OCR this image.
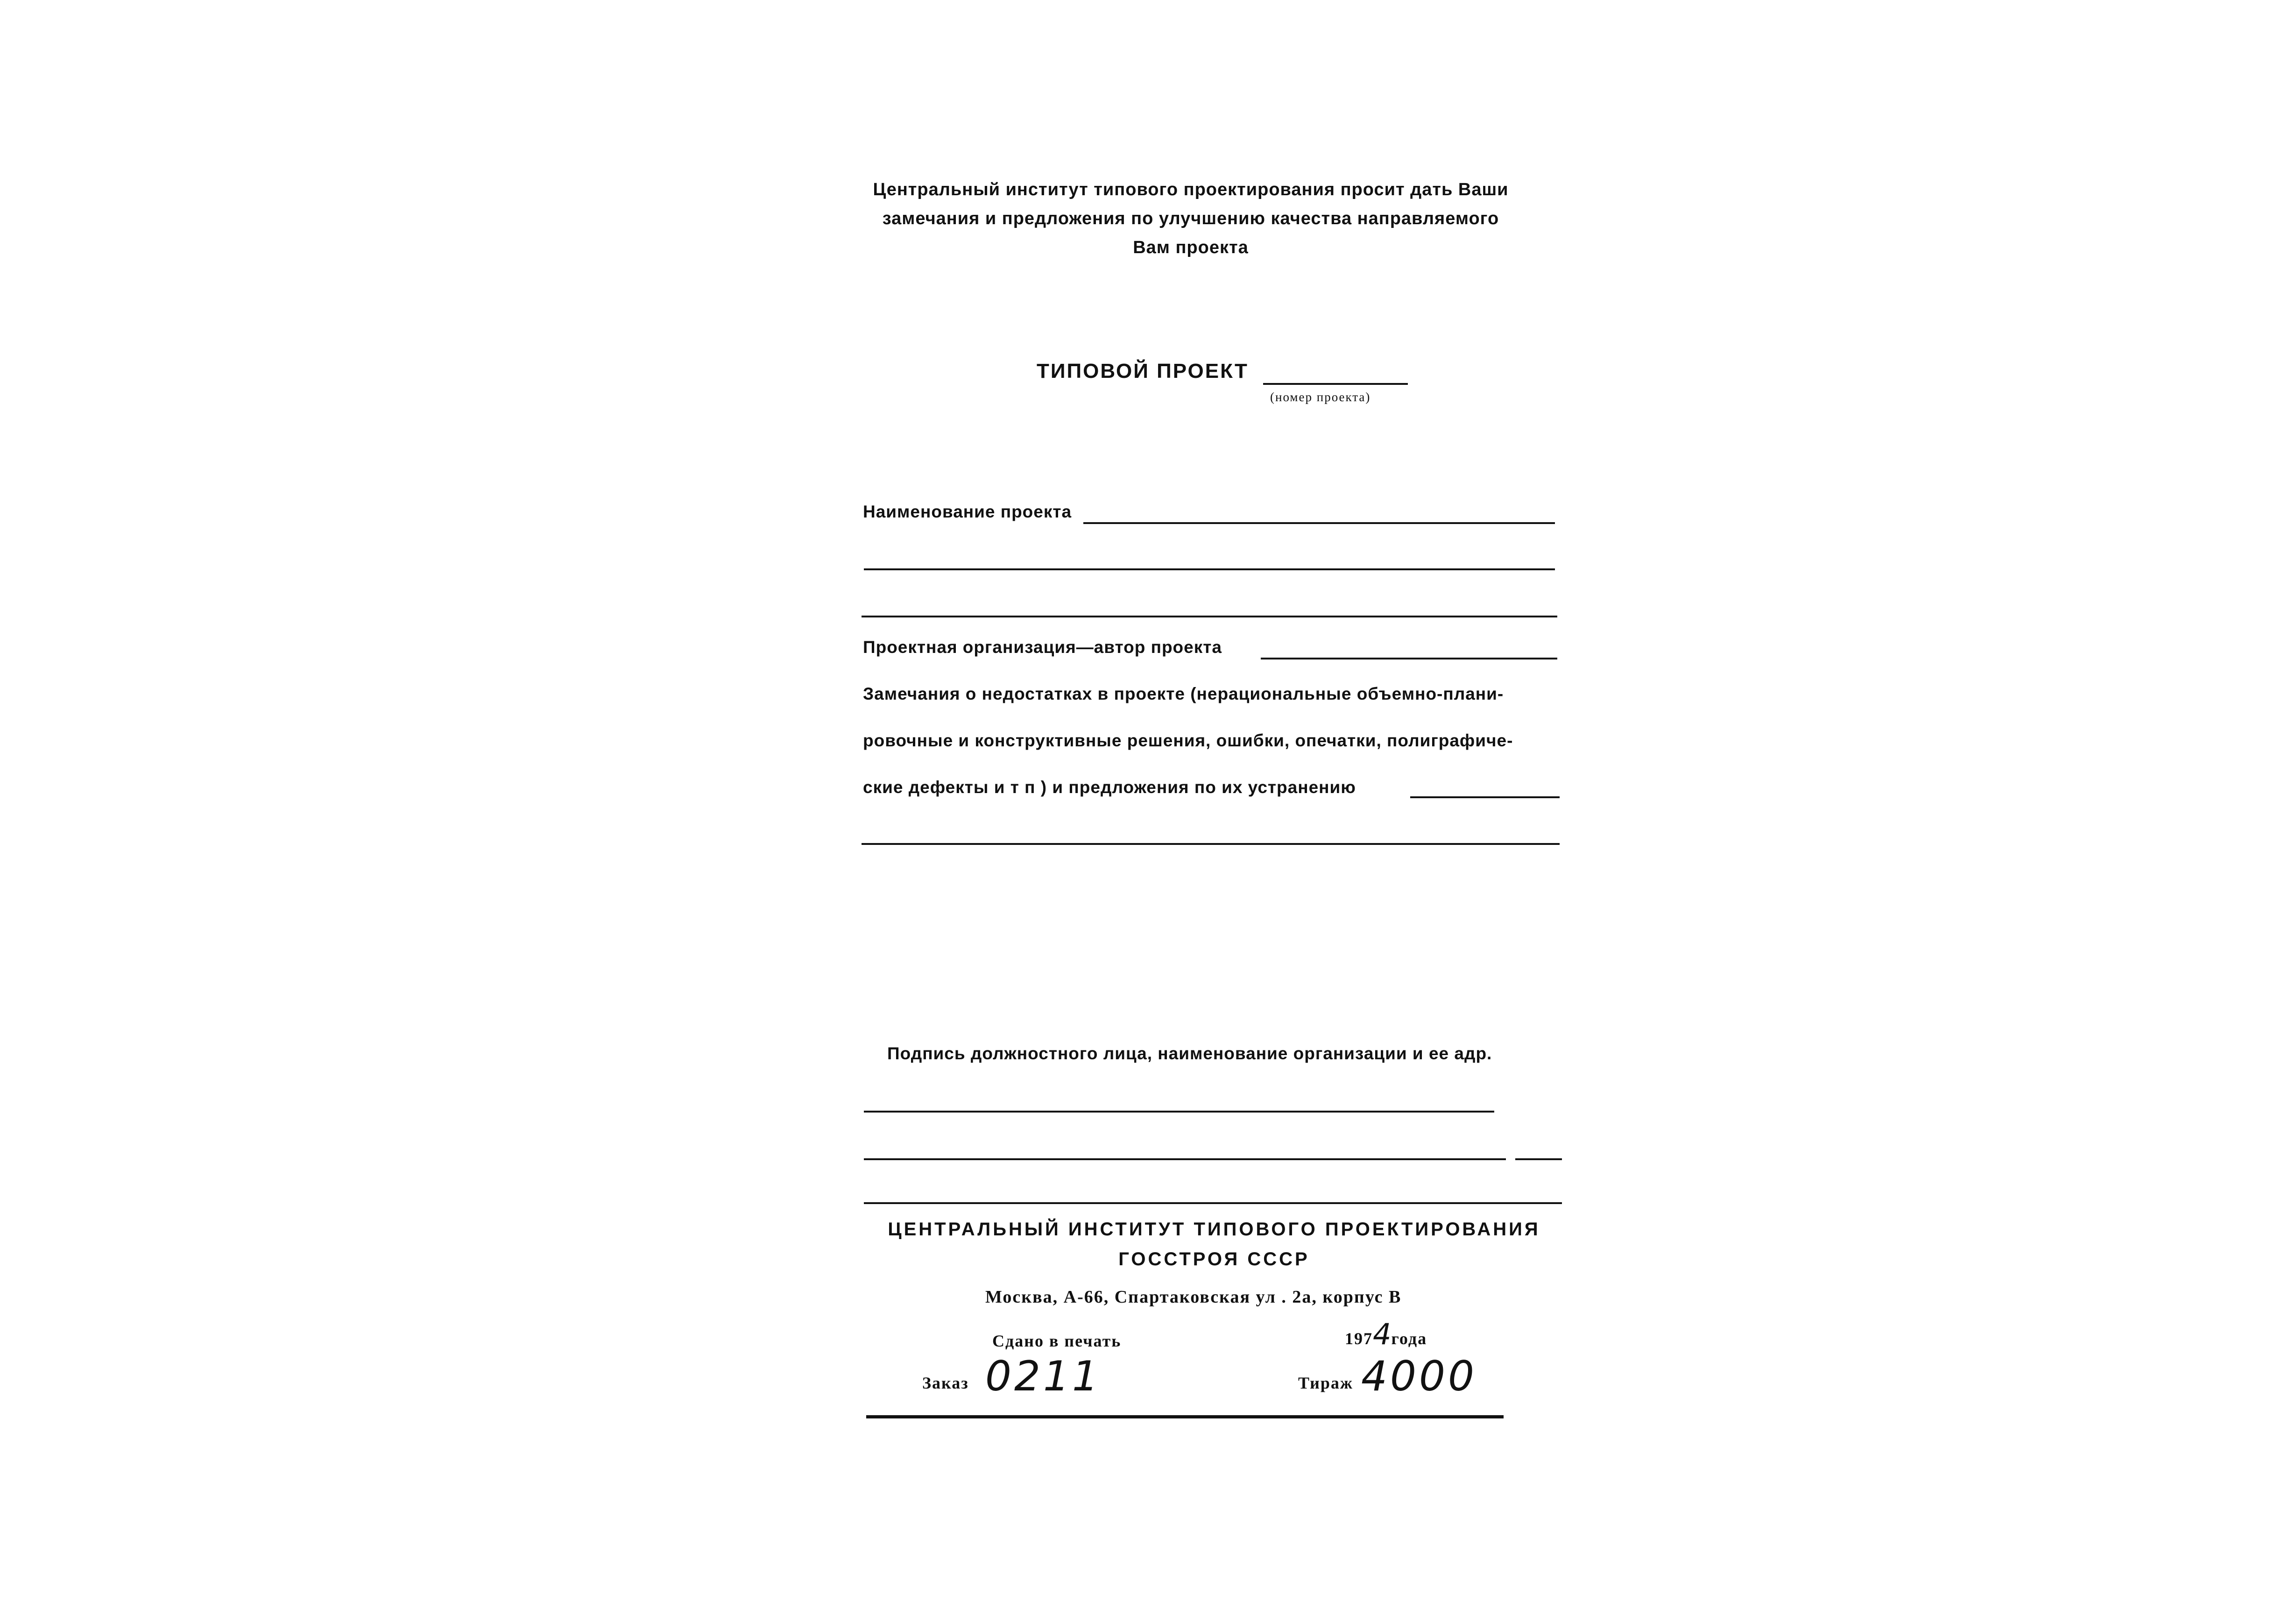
Центральный институт типового проектирования просит дать Ваши
замечания и предложения по улучшению качества направляемого
Вам проекта
ТИПОВОЙ ПРОЕКТ
(номер проекта)
Наименование проекта
Проектная организация—автор проекта
Замечания о недостатках в проекте (нерациональные объемно-плани-
ровочные и конструктивные решения, ошибки, опечатки, полиграфиче-
ские дефекты и т п ) и предложения по их устранению
Подпись должностного лица, наименование организации и ее адр.
ЦЕНТРАЛЬНЫЙ ИНСТИТУТ ТИПОВОГО ПРОЕКТИРОВАНИЯ
ГОССТРОЯ СССР
Москва, А-66, Спартаковская ул . 2а, корпус В
Сдано в печать	1974года
Заказ 0211	Тираж 4000
